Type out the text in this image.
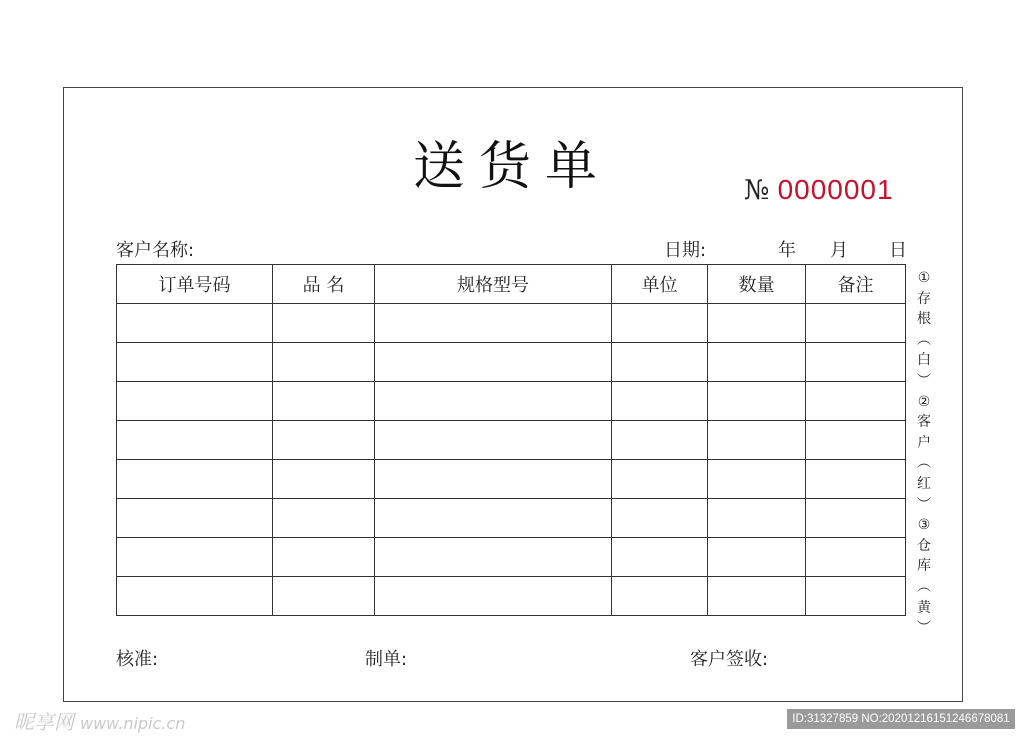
送货单	№ 0000001
客户名称:	日期:	年 月 日
订单号码	品 名	规格型号	单位	数量	备注

						①
存
根
︵
白
︶
②
客
户
︵
红
︶
③
仓
库
︵
黄
︶
核准:	制单:	客户签收:
昵享网 www.nipic.cn	ID:31327859 NO:20201216151246678081
